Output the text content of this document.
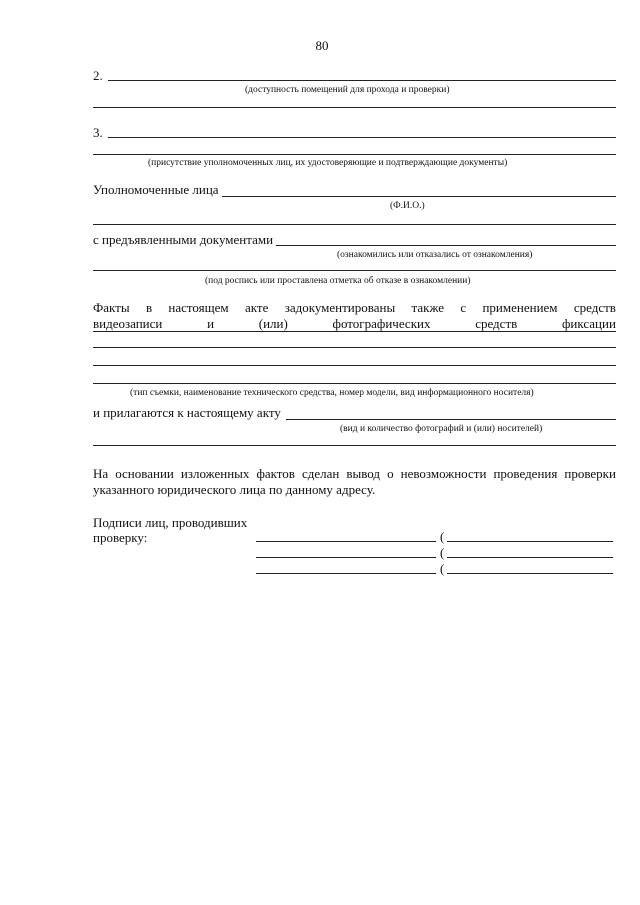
80
2.
(доступность помещений для прохода и проверки)
3.
(присутствие уполномоченных лиц, их удостоверяющие и подтверждающие документы)
Уполномоченные лица
(Ф.И.О.)
с предъявленными документами
(ознакомились или отказались от ознакомления)
(под роспись или проставлена отметка об отказе в ознакомлении)
Факты в настоящем акте задокументированы также с применением средств
видеозаписи	и	(или)	фотографических	средств	фиксации
(тип съемки, наименование технического средства, номер модели, вид информационного носителя)
и прилагаются к настоящему акту
(вид и количество фотографий и (или) носителей)
На основании изложенных фактов сделан вывод о невозможности проведения проверки
указанного юридического лица по данному адресу.
Подписи лиц, проводивших
проверку:	(
(
(
